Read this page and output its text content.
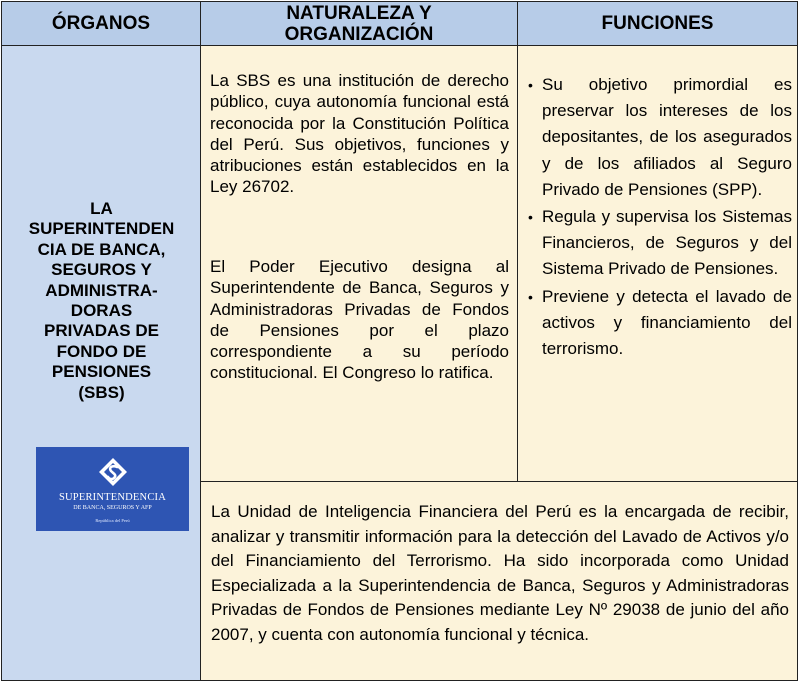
ÓRGANOS	NATURALEZA Y
ORGANIZACIÓN	FUNCIONES
LA
SUPERINTENDEN
CIA DE BANCA,
SEGUROS Y
ADMINISTRA-
DORAS
PRIVADAS DE
FONDO DE
PENSIONES
(SBS)
SUPERINTENDENCIA
DE BANCA, SEGUROS Y AFP
República del Perú
La SBS es una institución de derecho público, cuya autonomía funcional está reconocida por la Constitución Política del Perú. Sus objetivos, funciones y atribuciones están establecidos en la Ley 26702.
El Poder Ejecutivo designa al Superintendente de Banca, Seguros y Administradoras Privadas de Fondos de Pensiones por el plazo correspondiente a su período constitucional. El Congreso lo ratifica.
• Su objetivo primordial es preservar los intereses de los depositantes, de los asegurados y de los afiliados al Seguro Privado de Pensiones (SPP).
• Regula y supervisa los Sistemas Financieros, de Seguros y del Sistema Privado de Pensiones.
• Previene y detecta el lavado de activos y financiamiento del terrorismo.
La Unidad de Inteligencia Financiera del Perú es la encargada de recibir, analizar y transmitir información para la detección del Lavado de Activos y/o del Financiamiento del Terrorismo. Ha sido incorporada como Unidad Especializada a la Superintendencia de Banca, Seguros y Administradoras Privadas de Fondos de Pensiones mediante Ley Nº 29038 de junio del año 2007, y cuenta con autonomía funcional y técnica.
